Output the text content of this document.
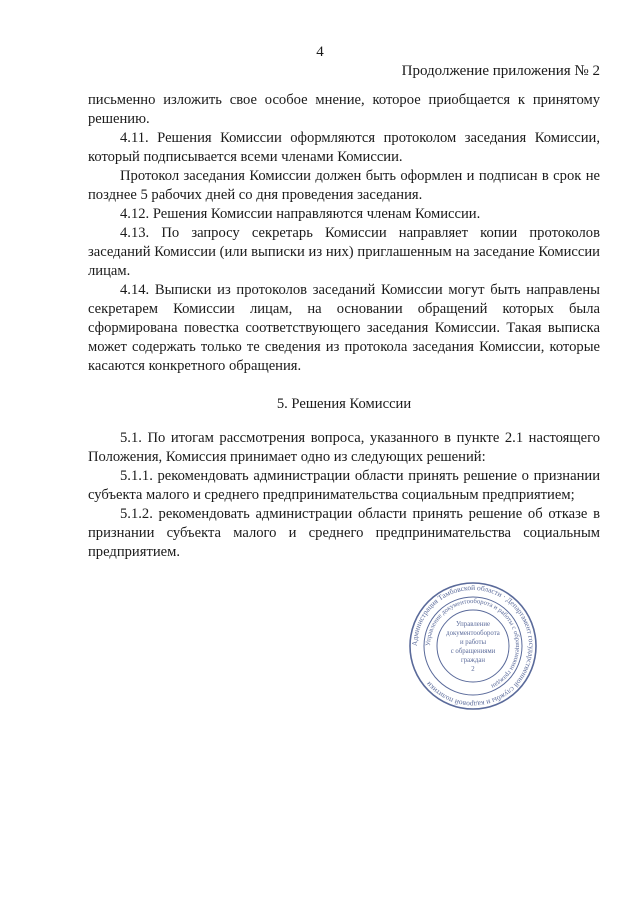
4
Продолжение приложения № 2

письменно изложить свое особое мнение, которое приобщается к принятому решению.

4.11. Решения Комиссии оформляются протоколом заседания Комиссии, который подписывается всеми членами Комиссии.

Протокол заседания Комиссии должен быть оформлен и подписан в срок не позднее 5 рабочих дней со дня проведения заседания.

4.12. Решения Комиссии направляются членам Комиссии.

4.13. По запросу секретарь Комиссии направляет копии протоколов заседаний Комиссии (или выписки из них) приглашенным на заседание Комиссии лицам.

4.14. Выписки из протоколов заседаний Комиссии могут быть направлены секретарем Комиссии лицам, на основании обращений которых была сформирована повестка соответствующего заседания Комиссии. Такая выписка может содержать только те сведения из протокола заседания Комиссии, которые касаются конкретного обращения.

5. Решения Комиссии

5.1. По итогам рассмотрения вопроса, указанного в пункте 2.1 настоящего Положения, Комиссия принимает одно из следующих решений:

5.1.1. рекомендовать администрации области принять решение о признании субъекта малого и среднего предпринимательства социальным предприятием;

5.1.2. рекомендовать администрации области принять решение об отказе в признании субъекта малого и среднего предпринимательства социальным предприятием.

Администрация Тамбовской области · Департамент государственной службы и кадровой политики
Управление документооборота и работы с обращениями граждан
Управление
документооборота
и работы
с обращениями
граждан
2
